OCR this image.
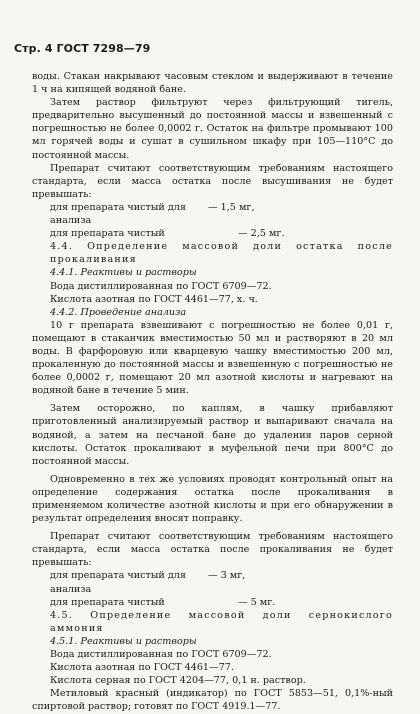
Стр. 4 ГОСТ 7298—79

воды. Стакан накрывают часовым стеклом и выдерживают в течение 1 ч на кипящей водяной бане.

Затем раствор фильтруют через фильтрующий тигель, предварительно высушенный до постоянной массы и взвешенный с погрешностью не более 0,0002 г. Остаток на фильтре промывают 100 мл горячей воды и сушат в сушильном шкафу при 105—110°С до постоянной массы.

Препарат считают соответствующим требованиям настоящего стандарта, если масса остатка после высушивания не будет превышать:

для препарата чистый для анализа
— 1,5 мг,
для препарата чистый	— 2,5 мг.

4.4. Определение массовой доли остатка после прокаливания

4.4.1. Реактивы и растворы

Вода дистиллированная по ГОСТ 6709—72.

Кислота азотная по ГОСТ 4461—77, х. ч.

4.4.2. Проведение анализа

10 г препарата взвешивают с погрешностью не более 0,01 г, помещают в стаканчик вместимостью 50 мл и растворяют в 20 мл воды. В фарфоровую или кварцевую чашку вместимостью 200 мл, прокаленную до постоянной массы и взвешенную с погрешностью не более 0,0002 г, помещают 20 мл азотной кислоты и нагревают на водяной бане в течение 5 мин.

Затем осторожно, по каплям, в чашку прибавляют приготовленный анализируемый раствор и выпаривают сначала на водяной, а затем на песчаной бане до удаления паров серной кислоты. Остаток прокаливают в муфельной печи при 800°С до постоянной массы.

Одновременно в тех же условиях проводят контрольный опыт на определение содержания остатка после прокаливания в применяемом количестве азотной кислоты и при его обнаружении в результат определения вносят поправку.

Препарат считают соответствующим требованиям настоящего стандарта, если масса остатка после прокаливания не будет превышать:

для препарата чистый для анализа
— 3 мг,
для препарата чистый	— 5 мг.

4.5. Определение массовой доли сернокислого аммония

4.5.1. Реактивы и растворы

Вода дистиллированная по ГОСТ 6709—72.

Кислота азотная по ГОСТ 4461—77.

Кислота серная по ГОСТ 4204—77, 0,1 н. раствор.

Метиловый красный (индикатор) по ГОСТ 5853—51, 0,1%-ный спиртовой раствор; готовят по ГОСТ 4919.1—77.
